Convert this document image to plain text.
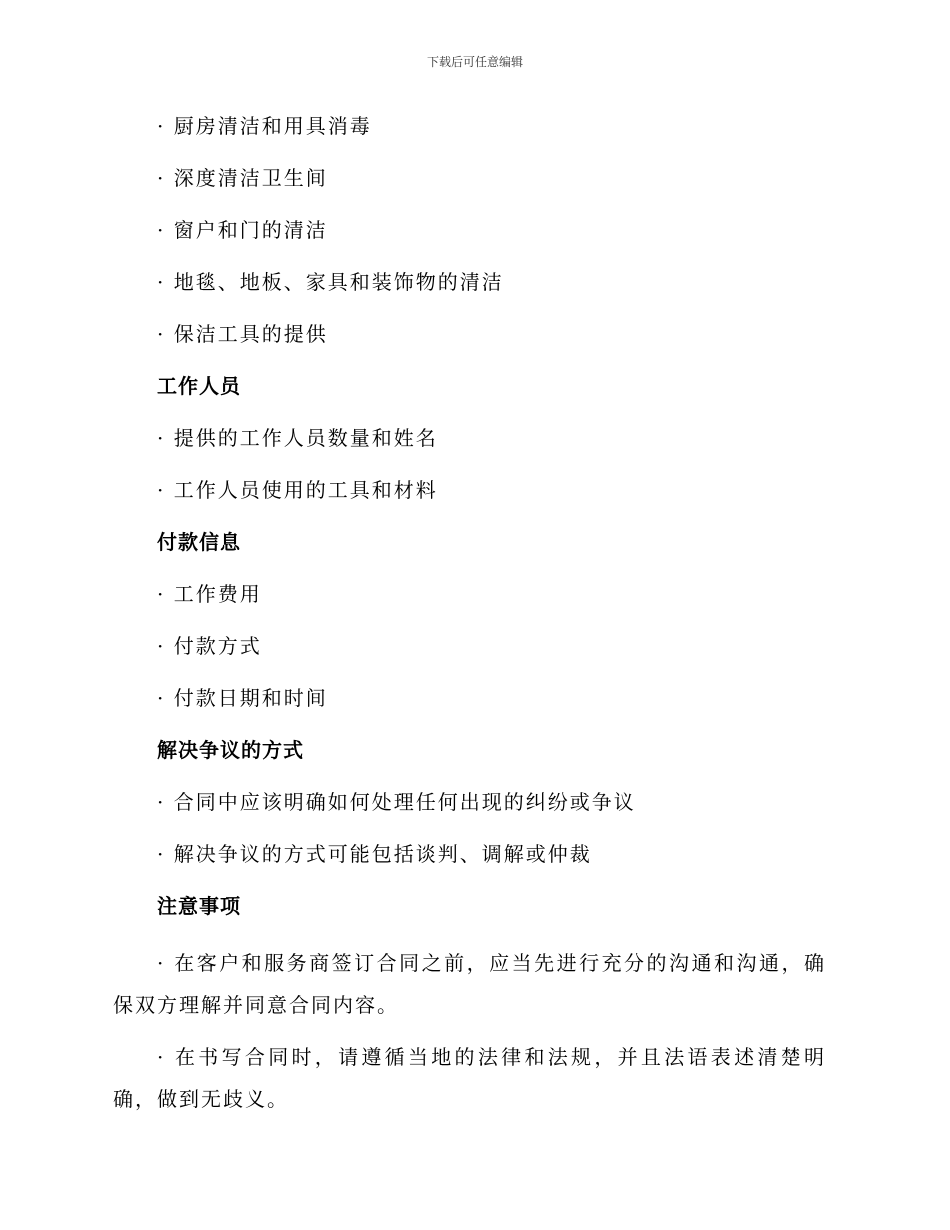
下载后可任意编辑

· 厨房清洁和用具消毒

· 深度清洁卫生间

· 窗户和门的清洁

· 地毯、地板、家具和装饰物的清洁

· 保洁工具的提供

工作人员

· 提供的工作人员数量和姓名

· 工作人员使用的工具和材料

付款信息

· 工作费用

· 付款方式

· 付款日期和时间

解决争议的方式

· 合同中应该明确如何处理任何出现的纠纷或争议

· 解决争议的方式可能包括谈判、调解或仲裁

注意事项

· 在客户和服务商签订合同之前，应当先进行充分的沟通和沟通，确保双方理解并同意合同内容。

· 在书写合同时，请遵循当地的法律和法规，并且法语表述清楚明确，做到无歧义。
